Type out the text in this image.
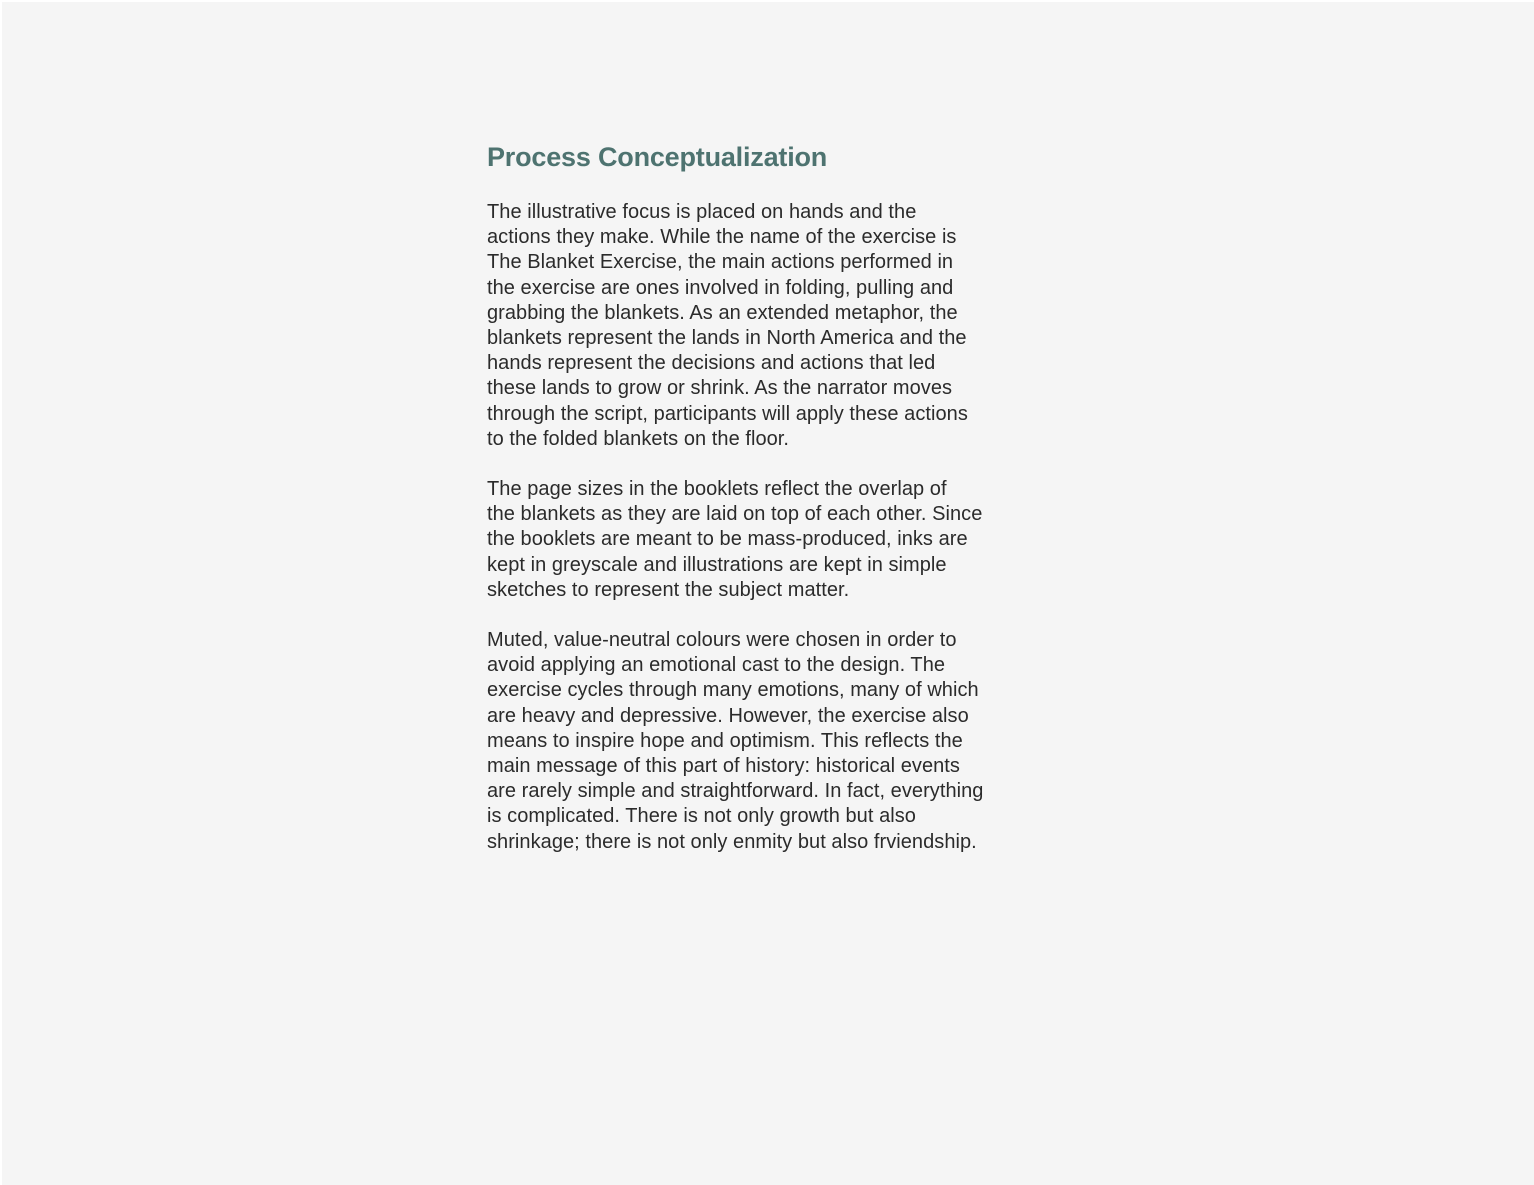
Process Conceptualization

The illustrative focus is placed on hands and the
actions they make. While the name of the exercise is
The Blanket Exercise, the main actions performed in
the exercise are ones involved in folding, pulling and
grabbing the blankets. As an extended metaphor, the
blankets represent the lands in North America and the
hands represent the decisions and actions that led
these lands to grow or shrink. As the narrator moves
through the script, participants will apply these actions
to the folded blankets on the floor.

The page sizes in the booklets reflect the overlap of
the blankets as they are laid on top of each other. Since
the booklets are meant to be mass-produced, inks are
kept in greyscale and illustrations are kept in simple
sketches to represent the subject matter.

Muted, value-neutral colours were chosen in order to
avoid applying an emotional cast to the design. The
exercise cycles through many emotions, many of which
are heavy and depressive. However, the exercise also
means to inspire hope and optimism. This reflects the
main message of this part of history: historical events
are rarely simple and straightforward. In fact, everything
is complicated. There is not only growth but also
shrinkage; there is not only enmity but also frviendship.
